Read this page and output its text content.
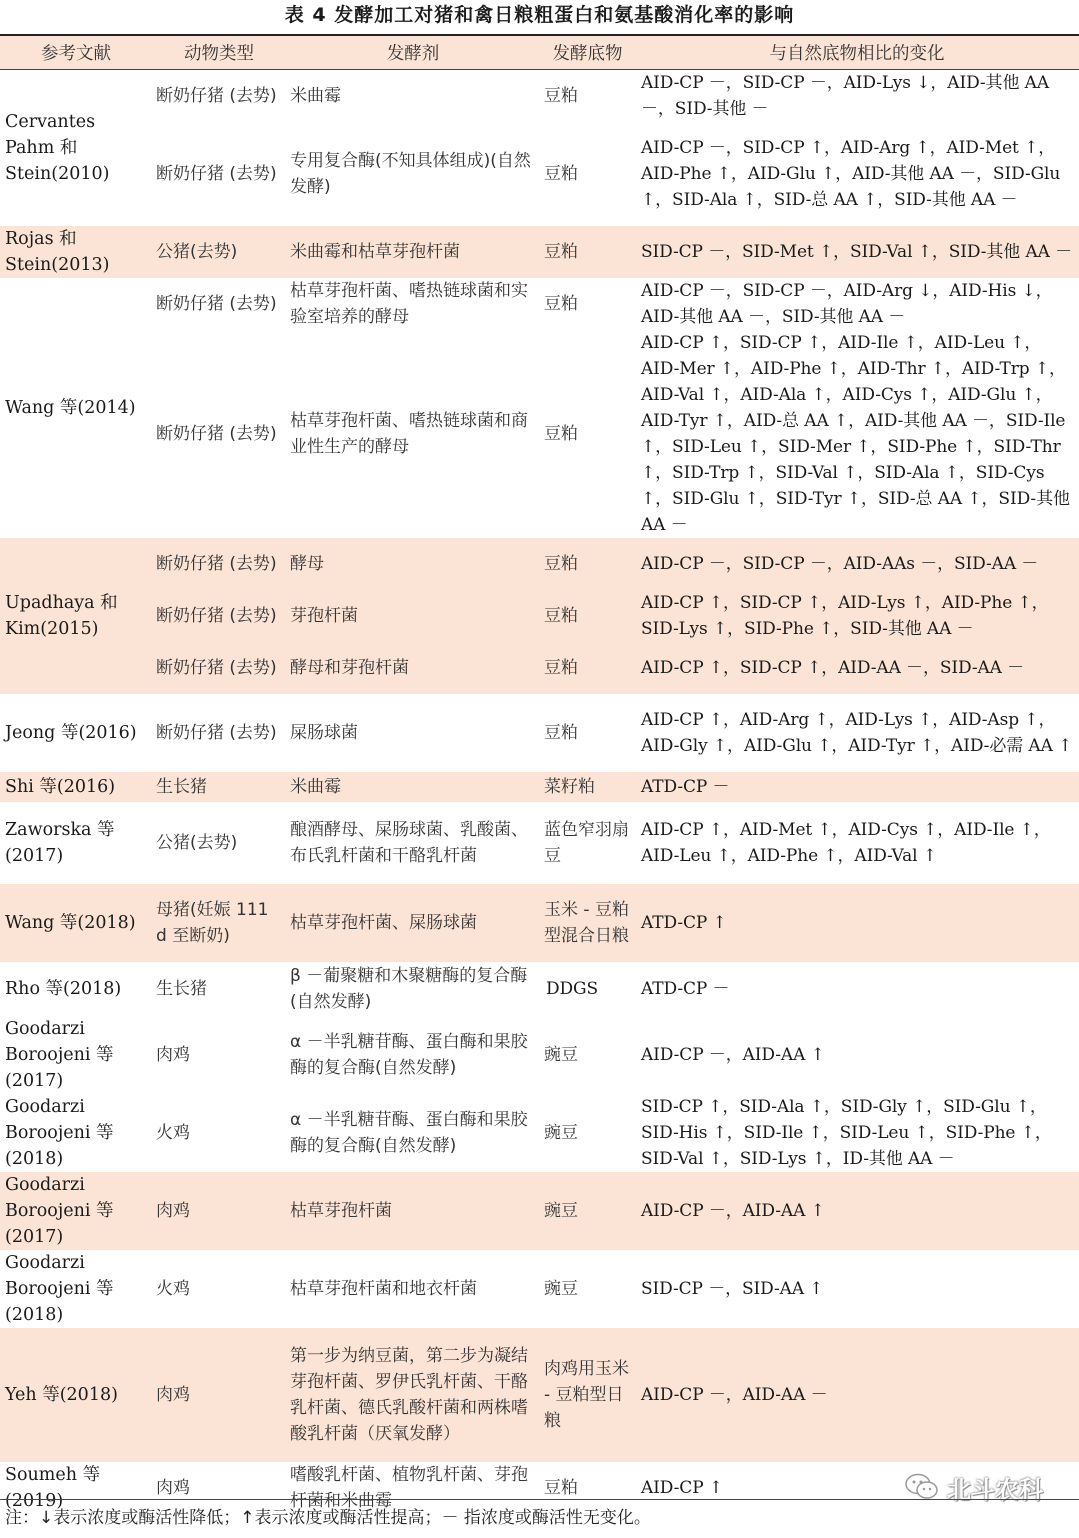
表 4 发酵加工对猪和禽日粮粗蛋白和氨基酸消化率的影响
参考文献	动物类型	发酵剂	发酵底物	与自然底物相比的变化
Cervantes Pahm 和 Stein(2010)	断奶仔猪 (去势)	米曲霉	豆粕	AID-CP －，SID-CP －，AID-Lys ↓，AID-其他 AA －，SID-其他 －
	断奶仔猪 (去势)	专用复合酶(不知具体组成)(自然发酵)	豆粕	AID-CP －，SID-CP ↑，AID-Arg ↑，AID-Met ↑，AID-Phe ↑，AID-Glu ↑，AID-其他 AA －，SID-Glu ↑，SID-Ala ↑，SID-总 AA ↑，SID-其他 AA －
Rojas 和 Stein(2013)	公猪(去势)	米曲霉和枯草芽孢杆菌	豆粕	SID-CP －，SID-Met ↑，SID-Val ↑，SID-其他 AA －
Wang 等(2014)	断奶仔猪 (去势)	枯草芽孢杆菌、嗜热链球菌和实验室培养的酵母	豆粕	AID-CP －，SID-CP －，AID-Arg ↓，AID-His ↓，AID-其他 AA －，SID-其他 AA －
	断奶仔猪 (去势)	枯草芽孢杆菌、嗜热链球菌和商业性生产的酵母	豆粕	AID-CP ↑，SID-CP ↑，AID-Ile ↑，AID-Leu ↑，AID-Mer ↑，AID-Phe ↑，AID-Thr ↑，AID-Trp ↑，AID-Val ↑，AID-Ala ↑，AID-Cys ↑，AID-Glu ↑，AID-Tyr ↑，AID-总 AA ↑，AID-其他 AA －，SID-Ile ↑，SID-Leu ↑，SID-Mer ↑，SID-Phe ↑，SID-Thr ↑，SID-Trp ↑，SID-Val ↑，SID-Ala ↑，SID-Cys ↑，SID-Glu ↑，SID-Tyr ↑，SID-总 AA ↑，SID-其他 AA －
Upadhaya 和 Kim(2015)	断奶仔猪 (去势)	酵母	豆粕	AID-CP －，SID-CP －，AID-AAs －，SID-AA －
	断奶仔猪 (去势)	芽孢杆菌	豆粕	AID-CP ↑，SID-CP ↑，AID-Lys ↑，AID-Phe ↑，SID-Lys ↑，SID-Phe ↑，SID-其他 AA －
	断奶仔猪 (去势)	酵母和芽孢杆菌	豆粕	AID-CP ↑，SID-CP ↑，AID-AA －，SID-AA －
Jeong 等(2016)	断奶仔猪 (去势)	屎肠球菌	豆粕	AID-CP ↑，AID-Arg ↑，AID-Lys ↑，AID-Asp ↑，AID-Gly ↑，AID-Glu ↑，AID-Tyr ↑，AID-必需 AA ↑
Shi 等(2016)	生长猪	米曲霉	菜籽粕	ATD-CP －
Zaworska 等 (2017)	公猪(去势)	酿酒酵母、屎肠球菌、乳酸菌、布氏乳杆菌和干酪乳杆菌	蓝色窄羽扇豆	AID-CP ↑，AID-Met ↑，AID-Cys ↑，AID-Ile ↑，AID-Leu ↑，AID-Phe ↑，AID-Val ↑
Wang 等(2018)	母猪(妊娠 111 d 至断奶)	枯草芽孢杆菌、屎肠球菌	玉米 - 豆粕型混合日粮	ATD-CP ↑
Rho 等(2018)	生长猪	β －葡聚糖和木聚糖酶的复合酶(自然发酵)	DDGS	ATD-CP －
Goodarzi Boroojeni 等 (2017)	肉鸡	α －半乳糖苷酶、蛋白酶和果胶酶的复合酶(自然发酵)	豌豆	AID-CP －，AID-AA ↑
Goodarzi Boroojeni 等 (2018)	火鸡	α －半乳糖苷酶、蛋白酶和果胶酶的复合酶(自然发酵)	豌豆	SID-CP ↑，SID-Ala ↑，SID-Gly ↑，SID-Glu ↑，SID-His ↑，SID-Ile ↑，SID-Leu ↑，SID-Phe ↑，SID-Val ↑，SID-Lys ↑，ID-其他 AA －
Goodarzi Boroojeni 等 (2017)	肉鸡	枯草芽孢杆菌	豌豆	AID-CP －，AID-AA ↑
Goodarzi Boroojeni 等 (2018)	火鸡	枯草芽孢杆菌和地衣杆菌	豌豆	SID-CP －，SID-AA ↑
Yeh 等(2018)	肉鸡	第一步为纳豆菌，第二步为凝结芽孢杆菌、罗伊氏乳杆菌、干酪乳杆菌、德氏乳酸杆菌和两株嗜酸乳杆菌（厌氧发酵）	肉鸡用玉米 - 豆粕型日粮	AID-CP －，AID-AA －
Soumeh 等 (2019)	肉鸡	嗜酸乳杆菌、植物乳杆菌、芽孢杆菌和米曲霉	豆粕	AID-CP ↑	北斗农科
注：↓表示浓度或酶活性降低；↑表示浓度或酶活性提高；－ 指浓度或酶活性无变化。
